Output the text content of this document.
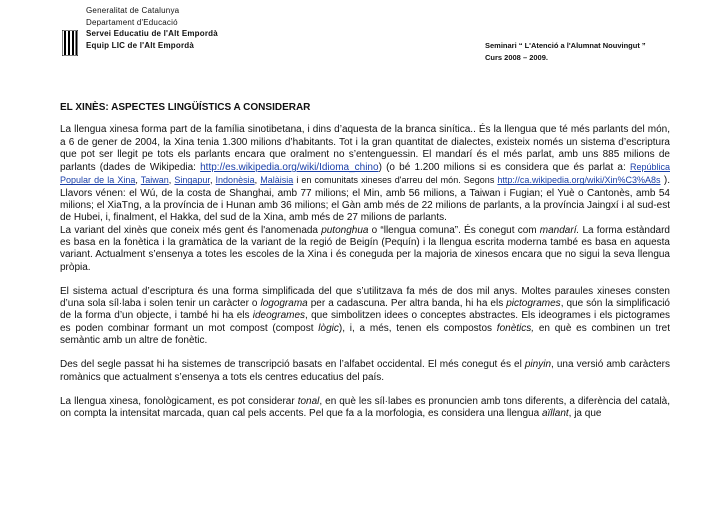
Generalitat de Catalunya
Departament d'Educació
Servei Educatiu de l'Alt Empordà
Equip LIC de l'Alt Empordà	Seminari “ L'Atenció a l'Alumnat Nouvingut ”
Curs 2008 – 2009.
EL XINÈS: ASPECTES LINGÜÍSTICS A CONSIDERAR

La llengua xinesa forma part de la família sinotibetana, i dins d’aquesta de la branca sinítica.. És la llengua que té més parlants del món, a 6 de gener de 2004, la Xina tenia 1.300 milions d’habitants. Tot i la gran quantitat de dialectes, existeix només un sistema d’escriptura que pot ser llegit pe tots els parlants encara que oralment no s’entenguessin. El mandarí és el més parlat, amb uns 885 milions de parlants (dades de Wikipedia: http://es.wikipedia.org/wiki/Idioma_chino) (o bé 1.200 milions si es considera que és parlat a: República Popular de la Xina, Taiwan, Singapur, Indonèsia, Malàisia i en comunitats xineses d'arreu del món. Segons http://ca.wikipedia.org/wiki/Xin%C3%A8s ). Llavors vénen: el Wú, de la costa de Shanghai, amb 77 milions; el Min, amb 56 milions, a Taiwan i Fugian; el Yuè o Cantonès, amb 54 milions; el XiaTng, a la província de i Hunan amb 36 milions; el Gàn amb més de 22 milions de parlants, a la província Jaingxí i al sud-est de Hubei, i, finalment, el Hakka, del sud de la Xina, amb més de 27 milions de parlants.

La variant del xinès que coneix més gent és l'anomenada putonghua o “llengua comuna”. És conegut com mandarí. La forma estàndard es basa en la fonètica i la gramàtica de la variant de la regió de Beigín (Pequín) i la llengua escrita moderna també es basa en aquesta variant. Actualment s’ensenya a totes les escoles de la Xina i és coneguda per la majoria de xinesos encara que no sigui la seva llengua pròpia.

El sistema actual d’escriptura és una forma simplificada del que s’utilitzava fa més de dos mil anys. Moltes paraules xineses consten d’una sola síl·laba i solen tenir un caràcter o logograma per a cadascuna. Per altra banda, hi ha els pictogrames, que són la simplificació de la forma d’un objecte, i també hi ha els ideogrames, que simbolitzen idees o conceptes abstractes. Els ideogrames i els pictogrames es poden combinar formant un mot compost (compost lògic), i, a més, tenen els compostos fonètics, en què es combinen un tret semàntic amb un altre de fonètic.

Des del segle passat hi ha sistemes de transcripció basats en l’alfabet occidental. El més conegut és el pinyin, una versió amb caràcters romànics que actualment s’ensenya a tots els centres educatius del país.

La llengua xinesa, fonològicament, es pot considerar tonal, en què les síl·labes es pronuncien amb tons diferents, a diferència del català, on compta la intensitat marcada, quan cal pels accents. Pel que fa a la morfologia, es considera una llengua aïllant, ja que
